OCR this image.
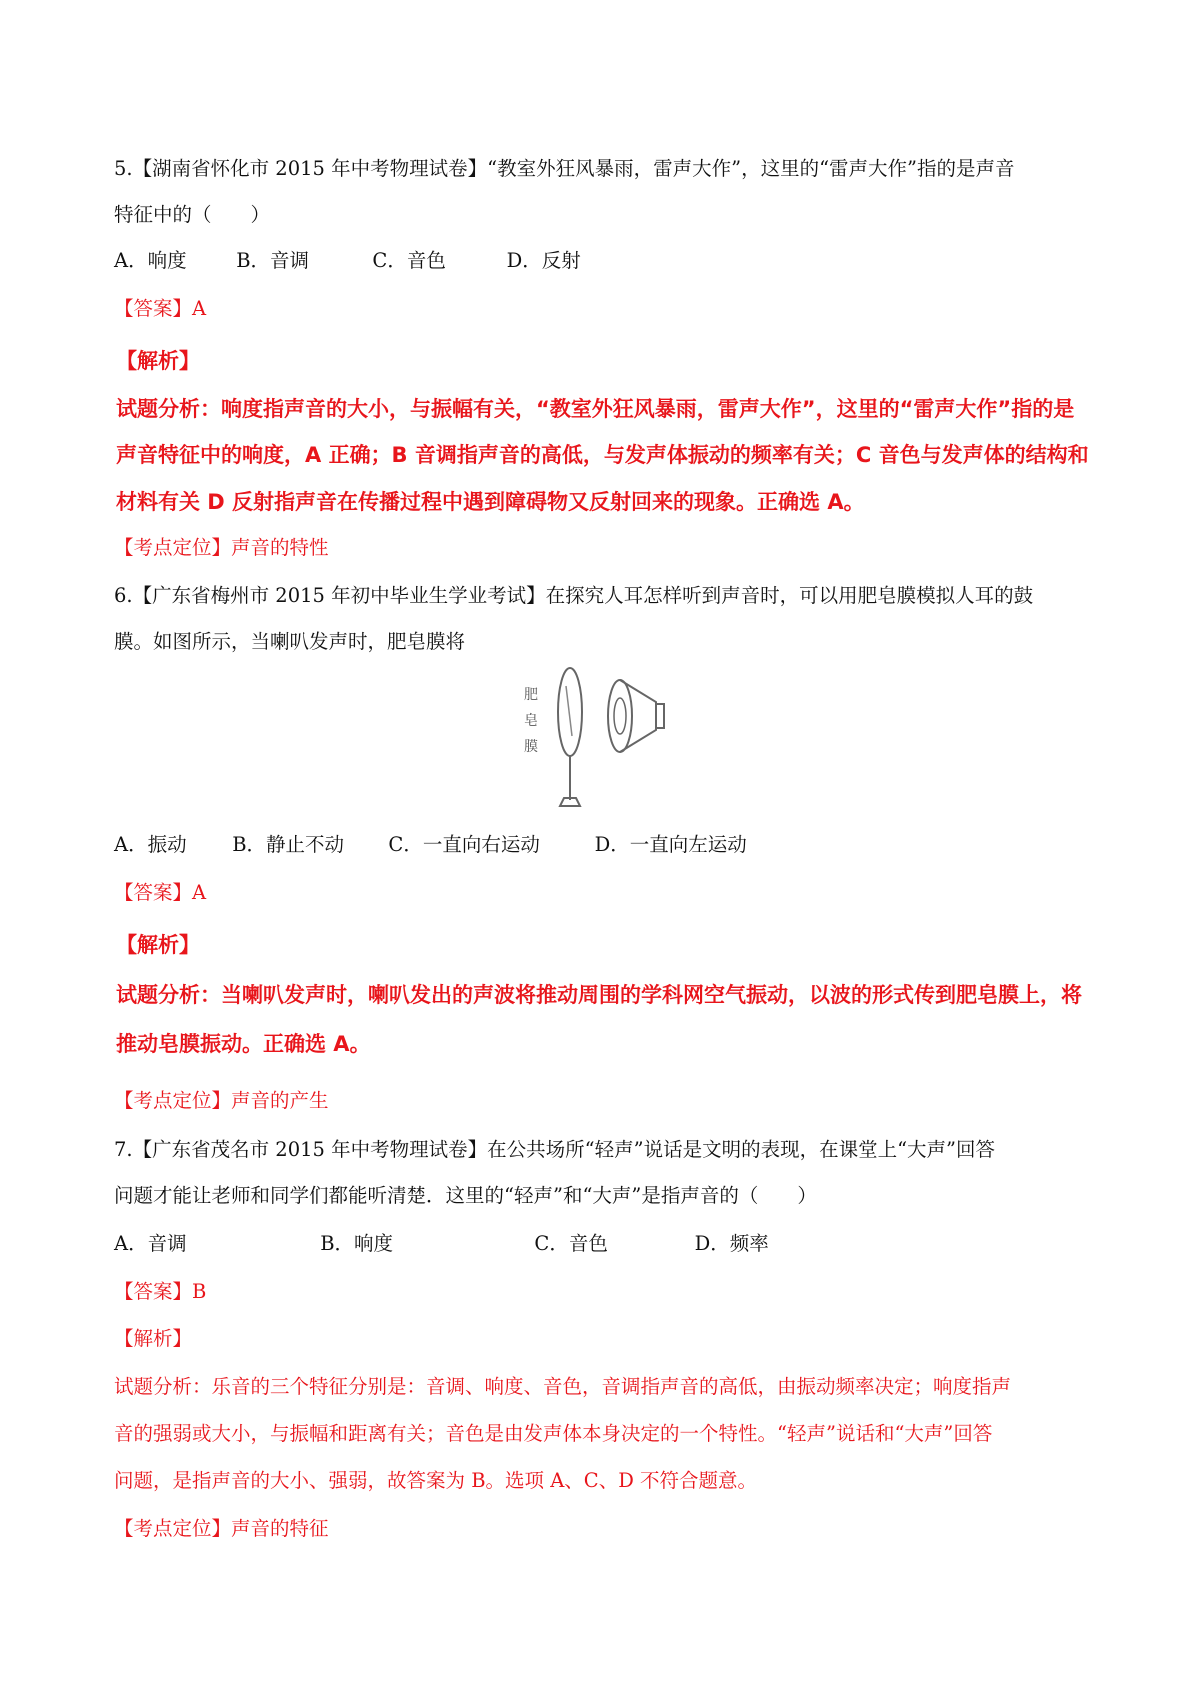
5.【湖南省怀化市 2015 年中考物理试卷】“教室外狂风暴雨，雷声大作”，这里的“雷声大作”指的是声音
特征中的（　　）
A．响度	B．音调	C．音色	D．反射
【答案】A
【解析】
试题分析：响度指声音的大小，与振幅有关，“教室外狂风暴雨，雷声大作”，这里的“雷声大作”指的是
声音特征中的响度，A 正确；B 音调指声音的高低，与发声体振动的频率有关；C 音色与发声体的结构和
材料有关 D 反射指声音在传播过程中遇到障碍物又反射回来的现象。正确选 A。
【考点定位】声音的特性
6.【广东省梅州市 2015 年初中毕业生学业考试】在探究人耳怎样听到声音时，可以用肥皂膜模拟人耳的鼓
膜。如图所示，当喇叭发声时，肥皂膜将
肥
皂
膜
A．振动 B．静止不动 C．一直向右运动	D．一直向左运动
【答案】A
【解析】
试题分析：当喇叭发声时，喇叭发出的声波将推动周围的学科网空气振动，以波的形式传到肥皂膜上，将
推动皂膜振动。正确选 A。
【考点定位】声音的产生
7.【广东省茂名市 2015 年中考物理试卷】在公共场所“轻声”说话是文明的表现，在课堂上“大声”回答
问题才能让老师和同学们都能听清楚．这里的“轻声”和“大声”是指声音的（　　）
A．音调	B．响度	C．音色	D．频率
【答案】B
【解析】
试题分析：乐音的三个特征分别是：音调、响度、音色，音调指声音的高低，由振动频率决定；响度指声
音的强弱或大小，与振幅和距离有关；音色是由发声体本身决定的一个特性。“轻声”说话和“大声”回答
问题，是指声音的大小、强弱，故答案为 B。选项 A、C、D 不符合题意。
【考点定位】声音的特征
